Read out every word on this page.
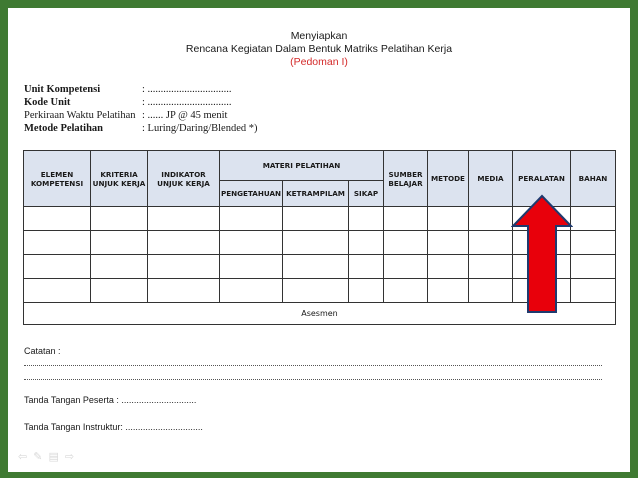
Menyiapkan
Rencana Kegiatan Dalam Bentuk Matriks Pelatihan Kerja
(Pedoman I)
Unit Kompetensi	: ................................
Kode Unit	: ................................
Perkiraan Waktu Pelatihan : ...... JP @ 45 menit
Metode Pelatihan	: Luring/Daring/Blended *)
ELEMEN KOMPETENSI	KRITERIA UNJUK KERJA	INDIKATOR UNJUK KERJA	MATERI PELATIHAN			SUMBER BELAJAR	METODE	MEDIA	PERALATAN	BAHAN
			PENGETAHUAN	KETRAMPILAM	SIKAP					

Asesmen										
Catatan :
Tanda Tangan Peserta : ..............................
Tanda Tangan Instruktur: ...............................
⇦ ✎ ▤ ⇨
